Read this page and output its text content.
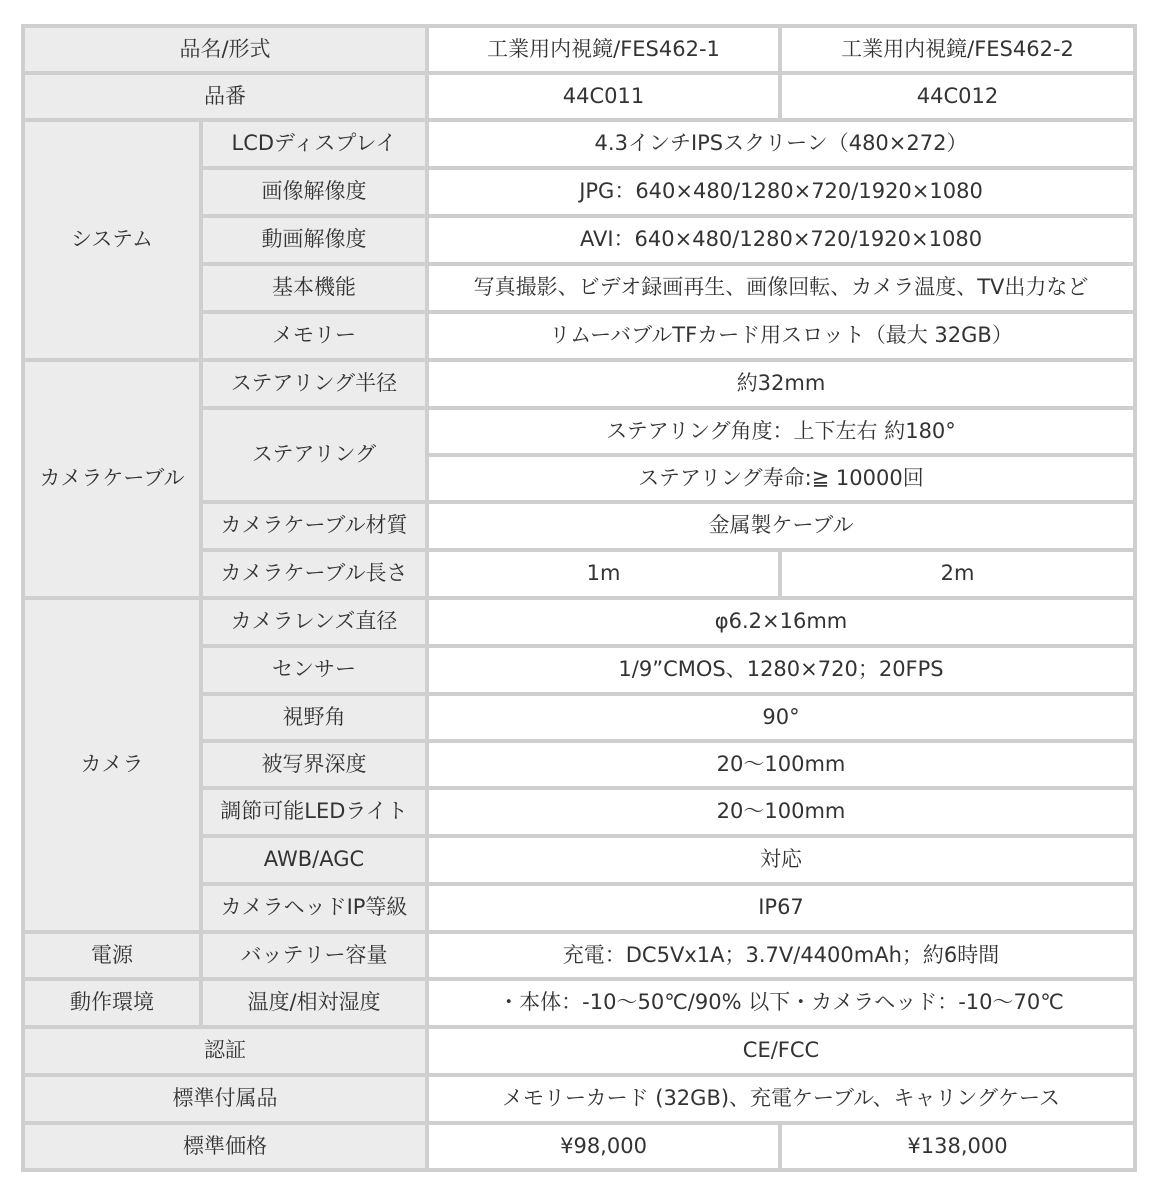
品名/形式		工業用内視鏡/FES462-1	工業用内視鏡/FES462-2
品番		44C011	44C012
システム	LCDディスプレイ	4.3インチIPSスクリーン（480×272）	
	画像解像度	JPG：640×480/1280×720/1920×1080	
	動画解像度	AVI：640×480/1280×720/1920×1080	
	基本機能	写真撮影、ビデオ録画再生、画像回転、カメラ温度、TV出力など	
	メモリー	リムーバブルTFカード用スロット（最大 32GB）	
カメラケーブル	ステアリング半径	約32mm	
	ステアリング	ステアリング角度：上下左右 約180°	
		ステアリング寿命:≧ 10000回	
	カメラケーブル材質	金属製ケーブル	
	カメラケーブル長さ	1m	2m
カメラ	カメラレンズ直径	φ6.2×16mm	
	センサー	1/9”CMOS、1280×720；20FPS	
	視野角	90°	
	被写界深度	20～100mm	
	調節可能LEDライト	20～100mm	
	AWB/AGC	対応	
	カメラヘッドIP等級	IP67	
電源	バッテリー容量	充電：DC5Vx1A；3.7V/4400mAh；約6時間	
動作環境	温度/相対湿度	・本体：-10～50℃/90% 以下・カメラヘッド：-10～70℃	
認証		CE/FCC	
標準付属品		メモリーカード (32GB)、充電ケーブル、キャリングケース	
標準価格		¥98,000	¥138,000
